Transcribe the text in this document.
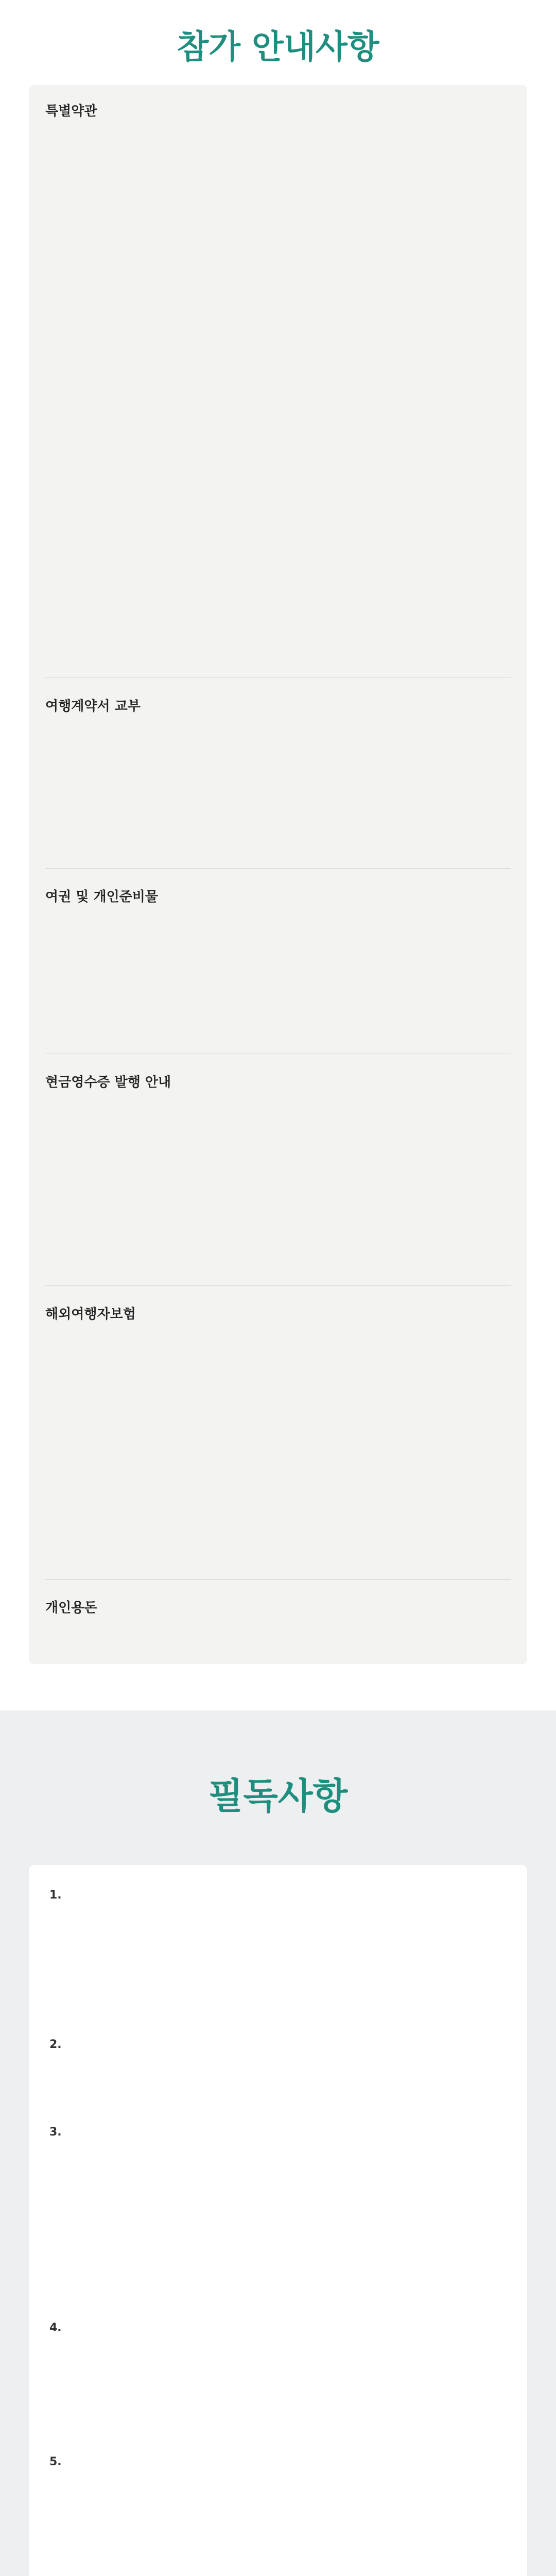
참가 안내사항
특별약관
여행계약서 교부
여권 및 개인준비물
현금영수증 발행 안내
해외여행자보험
개인용돈
필독사항
1.
2.
3.
4.
5.
